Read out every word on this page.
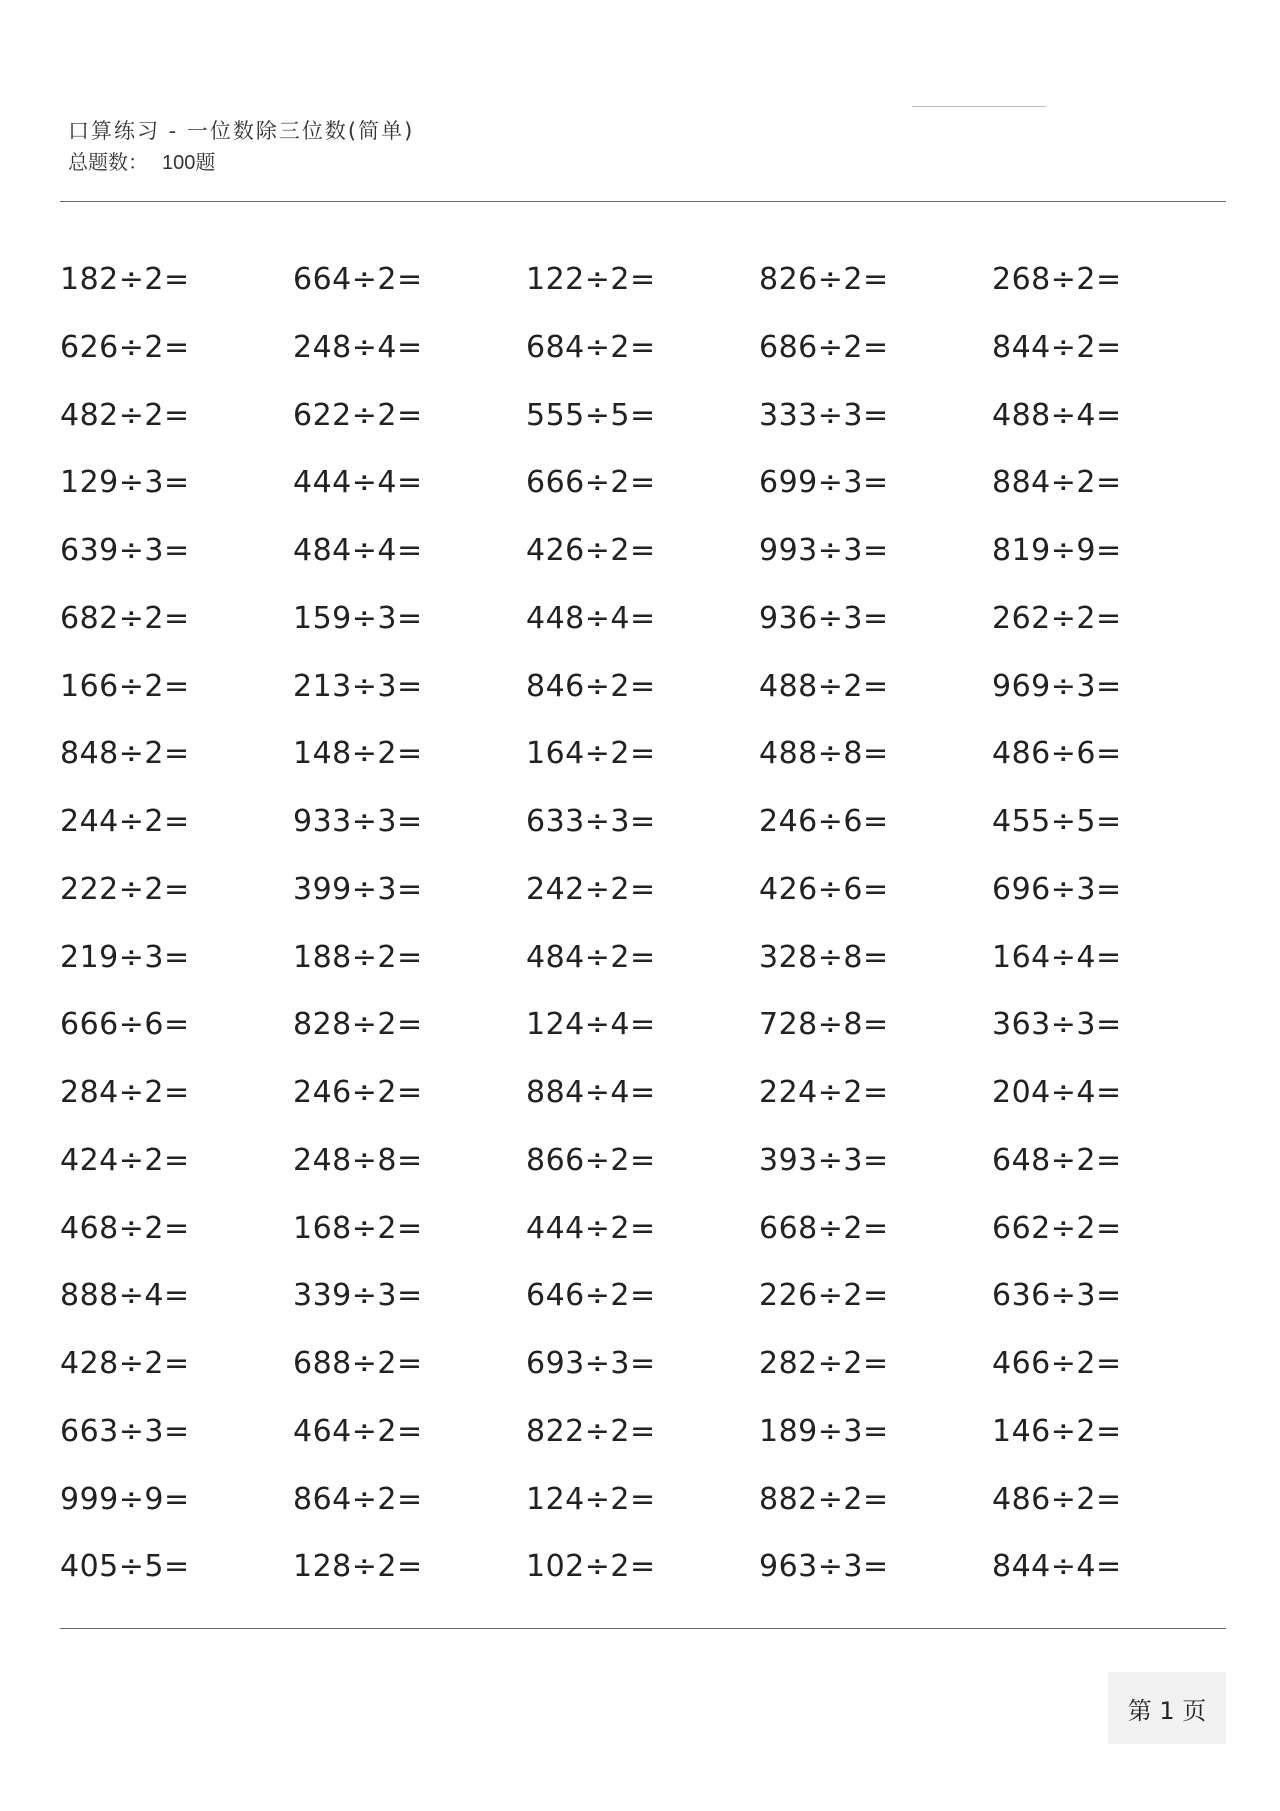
口算练习 - 一位数除三位数(简单)
总题数： 100题
182÷2=	664÷2=	122÷2=	826÷2=	268÷2=
626÷2=	248÷4=	684÷2=	686÷2=	844÷2=
482÷2=	622÷2=	555÷5=	333÷3=	488÷4=
129÷3=	444÷4=	666÷2=	699÷3=	884÷2=
639÷3=	484÷4=	426÷2=	993÷3=	819÷9=
682÷2=	159÷3=	448÷4=	936÷3=	262÷2=
166÷2=	213÷3=	846÷2=	488÷2=	969÷3=
848÷2=	148÷2=	164÷2=	488÷8=	486÷6=
244÷2=	933÷3=	633÷3=	246÷6=	455÷5=
222÷2=	399÷3=	242÷2=	426÷6=	696÷3=
219÷3=	188÷2=	484÷2=	328÷8=	164÷4=
666÷6=	828÷2=	124÷4=	728÷8=	363÷3=
284÷2=	246÷2=	884÷4=	224÷2=	204÷4=
424÷2=	248÷8=	866÷2=	393÷3=	648÷2=
468÷2=	168÷2=	444÷2=	668÷2=	662÷2=
888÷4=	339÷3=	646÷2=	226÷2=	636÷3=
428÷2=	688÷2=	693÷3=	282÷2=	466÷2=
663÷3=	464÷2=	822÷2=	189÷3=	146÷2=
999÷9=	864÷2=	124÷2=	882÷2=	486÷2=
405÷5=	128÷2=	102÷2=	963÷3=	844÷4=
第 1 页
